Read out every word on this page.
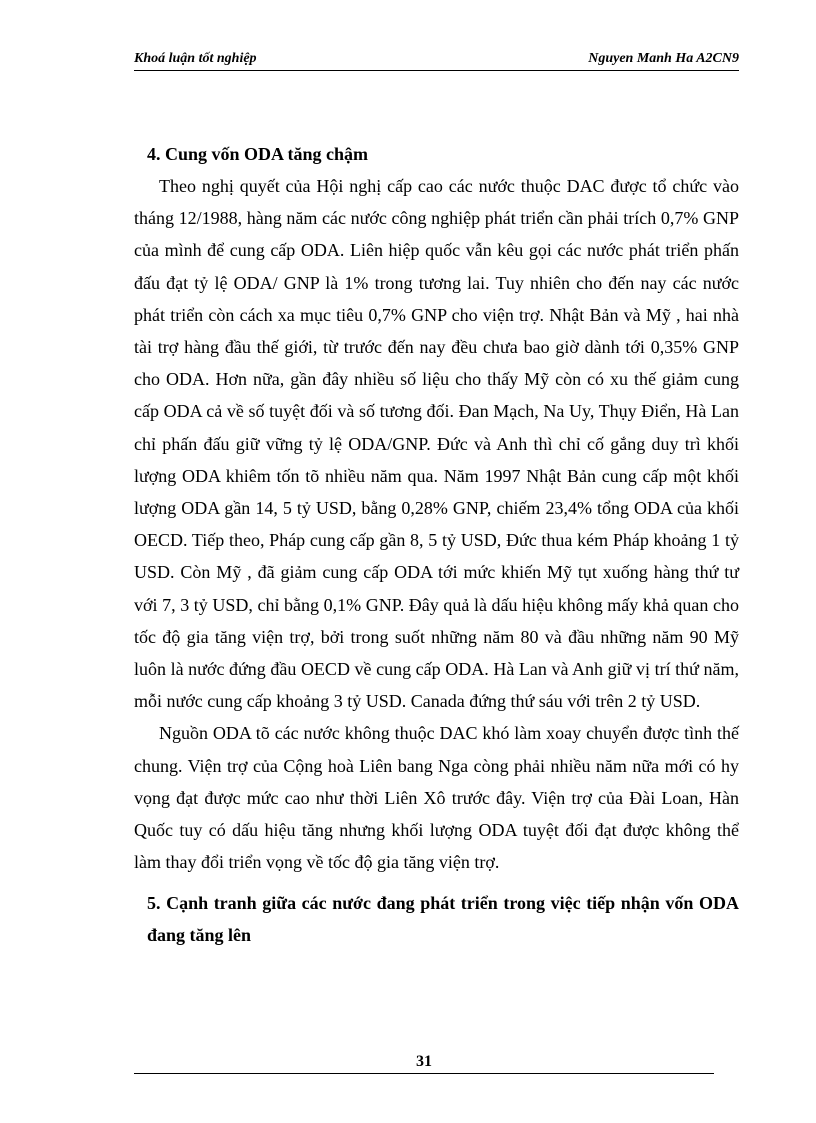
Khoá luận tốt nghiệp	Nguyen Manh Ha A2CN9

4. Cung vốn ODA tăng chậm

Theo nghị quyết của Hội nghị cấp cao các nước thuộc DAC được tổ chức vào tháng 12/1988, hàng năm các nước công nghiệp phát triển cần phải trích 0,7% GNP của mình để cung cấp ODA. Liên hiệp quốc vẫn kêu gọi các nước phát triển phấn đấu đạt tỷ lệ ODA/ GNP là 1% trong tương lai. Tuy nhiên cho đến nay các nước phát triển còn cách xa mục tiêu 0,7% GNP cho viện trợ. Nhật Bản và Mỹ , hai nhà tài trợ hàng đầu thế giới, từ trước đến nay đều chưa bao giờ dành tới 0,35% GNP cho ODA. Hơn nữa, gần đây nhiều số liệu cho thấy Mỹ còn có xu thế giảm cung cấp ODA cả về số tuyệt đối và số tương đối. Đan Mạch, Na Uy, Thụy Điển, Hà Lan chỉ phấn đấu giữ vững tỷ lệ ODA/GNP. Đức và Anh thì chỉ cố gắng duy trì khối lượng ODA khiêm tốn tõ nhiều năm qua. Năm 1997 Nhật Bản cung cấp một khối lượng ODA gần 14, 5 tỷ USD, bằng 0,28% GNP, chiếm 23,4% tổng ODA của khối OECD. Tiếp theo, Pháp cung cấp gần 8, 5 tỷ USD, Đức thua kém Pháp khoảng 1 tỷ USD. Còn Mỹ , đã giảm cung cấp ODA tới mức khiến Mỹ tụt xuống hàng thứ tư với 7, 3 tỷ USD, chỉ bằng 0,1% GNP. Đây quả là dấu hiệu không mấy khả quan cho tốc độ gia tăng viện trợ, bởi trong suốt những năm 80 và đầu những năm 90 Mỹ luôn là nước đứng đầu OECD về cung cấp ODA. Hà Lan và Anh giữ vị trí thứ năm, mỗi nước cung cấp khoảng 3 tỷ USD. Canada đứng thứ sáu với trên 2 tỷ USD.

Nguồn ODA tõ các nước không thuộc DAC khó làm xoay chuyển được tình thế chung. Viện trợ của Cộng hoà Liên bang Nga còng phải nhiều năm nữa mới có hy vọng đạt được mức cao như thời Liên Xô trước đây. Viện trợ của Đài Loan, Hàn Quốc tuy có dấu hiệu tăng nhưng khối lượng ODA tuyệt đối đạt được không thể làm thay đổi triển vọng về tốc độ gia tăng viện trợ.

5. Cạnh tranh giữa các nước đang phát triển trong việc tiếp nhận vốn ODA đang tăng lên

31
